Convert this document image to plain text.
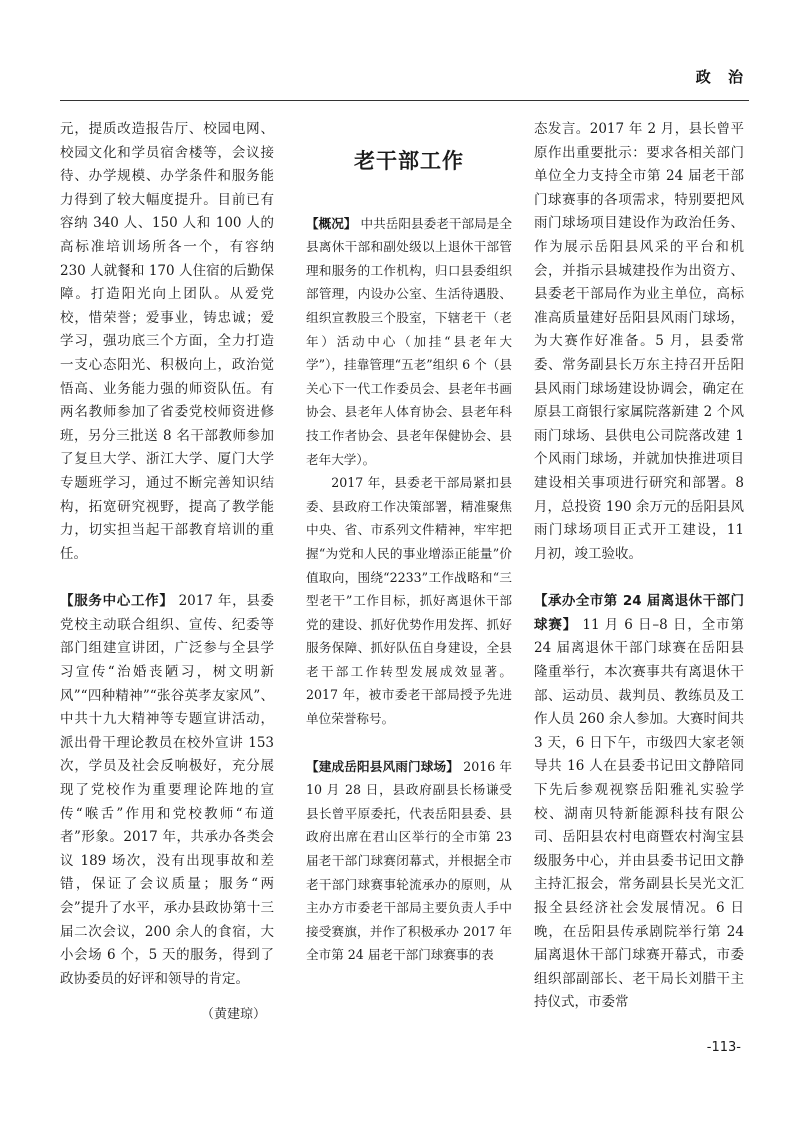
政 治

元，提质改造报告厅、校园电网、校园文化和学员宿舍楼等，会议接待、办学规模、办学条件和服务能力得到了较大幅度提升。目前已有容纳 340 人、150 人和 100 人的高标准培训场所各一个，有容纳 230 人就餐和 170 人住宿的后勤保障。打造阳光向上团队。从爱党校，惜荣誉；爱事业，铸忠诚；爱学习，强功底三个方面，全力打造一支心态阳光、积极向上，政治觉悟高、业务能力强的师资队伍。有两名教师参加了省委党校师资进修班，另分三批送 8 名干部教师参加了复旦大学、浙江大学、厦门大学专题班学习，通过不断完善知识结构，拓宽研究视野，提高了教学能力，切实担当起干部教育培训的重任。

【服务中心工作】 2017 年，县委党校主动联合组织、宣传、纪委等部门组建宣讲团，广泛参与全县学习宣传“治婚丧陋习，树文明新风”“四种精神”“张谷英孝友家风”、中共十九大精神等专题宣讲活动，派出骨干理论教员在校外宣讲 153 次，学员及社会反响极好，充分展现了党校作为重要理论阵地的宣传“喉舌”作用和党校教师“布道者”形象。2017 年，共承办各类会议 189 场次，没有出现事故和差错，保证了会议质量；服务“两会”提升了水平，承办县政协第十三届二次会议，200 余人的食宿，大小会场 6 个，5 天的服务，得到了政协委员的好评和领导的肯定。

（黄建琼）
老干部工作

【概况】 中共岳阳县委老干部局是全县离休干部和副处级以上退休干部管理和服务的工作机构，归口县委组织部管理，内设办公室、生活待遇股、组织宣教股三个股室，下辖老干（老年）活动中心（加挂“县老年大学”），挂靠管理“五老”组织 6 个（县关心下一代工作委员会、县老年书画协会、县老年人体育协会、县老年科技工作者协会、县老年保健协会、县老年大学）。

2017 年，县委老干部局紧扣县委、县政府工作决策部署，精准聚焦中央、省、市系列文件精神，牢牢把握“为党和人民的事业增添正能量”价值取向，围绕“2233”工作战略和“三型老干”工作目标，抓好离退休干部党的建设、抓好优势作用发挥、抓好服务保障、抓好队伍自身建设，全县老干部工作转型发展成效显著。2017 年，被市委老干部局授予先进单位荣誉称号。

【建成岳阳县风雨门球场】 2016 年 10 月 28 日，县政府副县长杨谦受县长曾平原委托，代表岳阳县委、县政府出席在君山区举行的全市第 23 届老干部门球赛闭幕式，并根据全市老干部门球赛事轮流承办的原则，从主办方市委老干部局主要负责人手中接受赛旗，并作了积极承办 2017 年全市第 24 届老干部门球赛事的表

态发言。2017 年 2 月，县长曾平原作出重要批示：要求各相关部门单位全力支持全市第 24 届老干部门球赛事的各项需求，特别要把风雨门球场项目建设作为政治任务、作为展示岳阳县风采的平台和机会，并指示县城建投作为出资方、县委老干部局作为业主单位，高标准高质量建好岳阳县风雨门球场，为大赛作好准备。5 月，县委常委、常务副县长万东主持召开岳阳县风雨门球场建设协调会，确定在原县工商银行家属院落新建 2 个风雨门球场、县供电公司院落改建 1 个风雨门球场，并就加快推进项目建设相关事项进行研究和部署。8 月，总投资 190 余万元的岳阳县风雨门球场项目正式开工建设，11 月初，竣工验收。

【承办全市第 24 届离退休干部门球赛】 11 月 6 日–8 日，全市第 24 届离退休干部门球赛在岳阳县隆重举行，本次赛事共有离退休干部、运动员、裁判员、教练员及工作人员 260 余人参加。大赛时间共 3 天，6 日下午，市级四大家老领导共 16 人在县委书记田文静陪同下先后参观视察岳阳雅礼实验学校、湖南贝特新能源科技有限公司、岳阳县农村电商暨农村淘宝县级服务中心，并由县委书记田文静主持汇报会，常务副县长吴光文汇报全县经济社会发展情况。6 日晚，在岳阳县传承剧院举行第 24 届离退休干部门球赛开幕式，市委组织部副部长、老干局长刘腊干主持仪式，市委常

-113-
